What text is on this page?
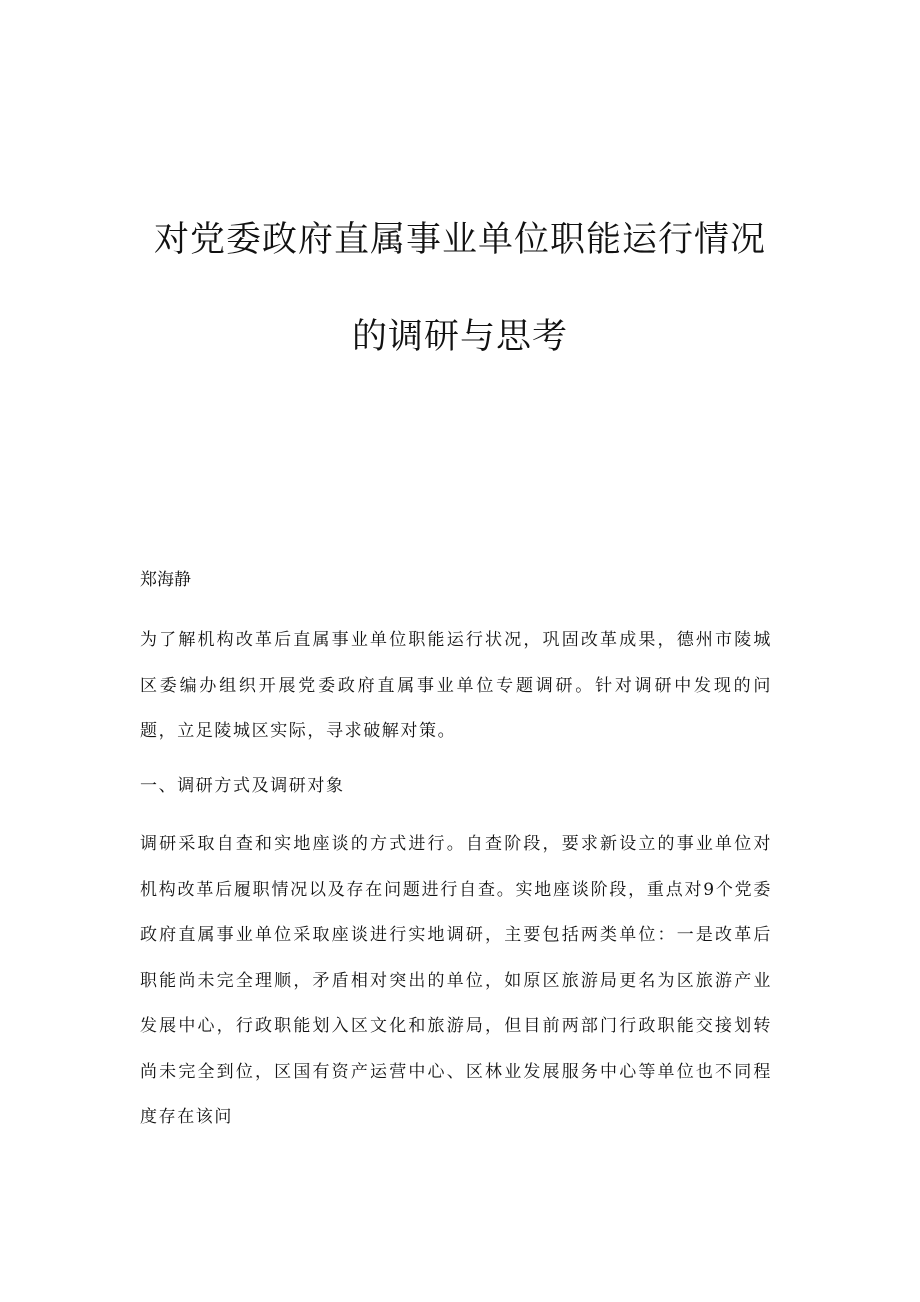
对党委政府直属事业单位职能运行情况
的调研与思考

郑海静

为了解机构改革后直属事业单位职能运行状况，巩固改革成果，德州市陵城区委编办组织开展党委政府直属事业单位专题调研。针对调研中发现的问题，立足陵城区实际，寻求破解对策。

一、调研方式及调研对象

调研采取自查和实地座谈的方式进行。自查阶段，要求新设立的事业单位对机构改革后履职情况以及存在问题进行自查。实地座谈阶段，重点对9个党委政府直属事业单位采取座谈进行实地调研，主要包括两类单位：一是改革后职能尚未完全理顺，矛盾相对突出的单位，如原区旅游局更名为区旅游产业发展中心，行政职能划入区文化和旅游局，但目前两部门行政职能交接划转尚未完全到位，区国有资产运营中心、区林业发展服务中心等单位也不同程度存在该问
